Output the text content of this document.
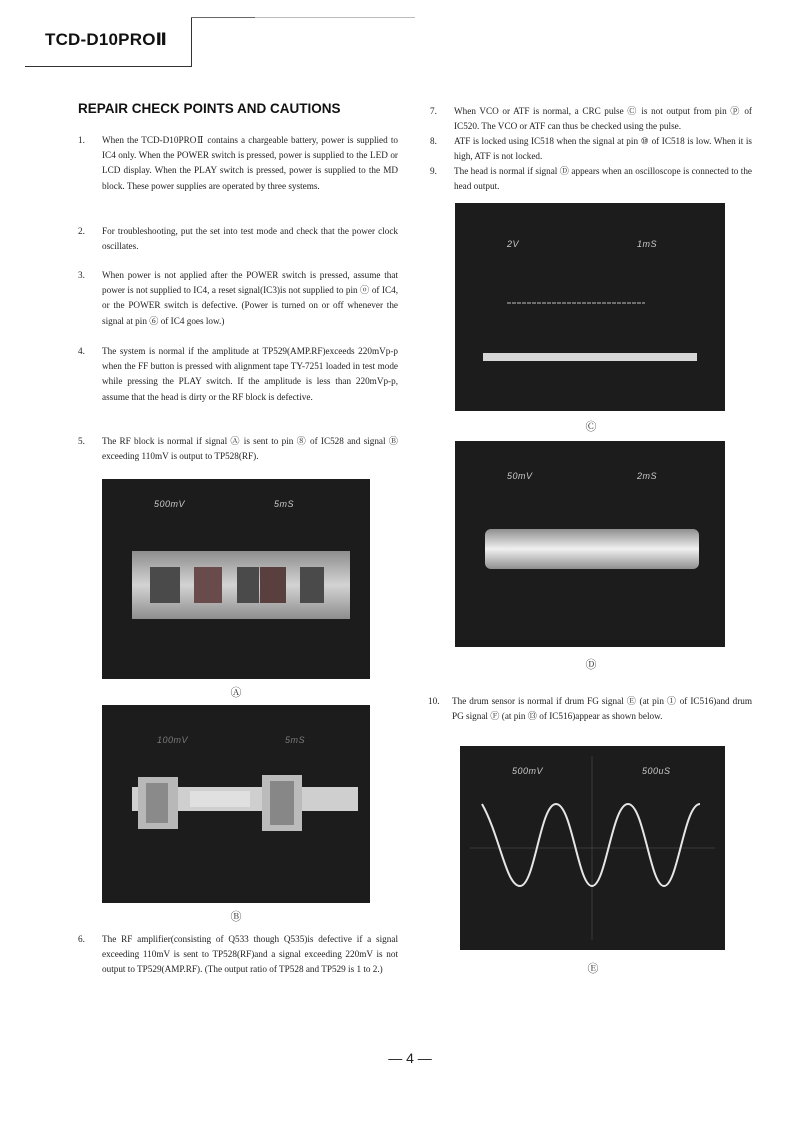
TCD-D10PROⅡ
REPAIR CHECK POINTS AND CAUTIONS
1. When the TCD-D10PROⅡ contains a chargeable battery, power is supplied to IC4 only. When the POWER switch is pressed, power is supplied to the LED or LCD display. When the PLAY switch is pressed, power is supplied to the MD block. These power supplies are operated by three systems.
2. For troubleshooting, put the set into test mode and check that the power clock oscillates.
3. When power is not applied after the POWER switch is pressed, assume that power is not supplied to IC4, a reset signal(IC3)is not supplied to pin ⓞ of IC4, or the POWER switch is defective. (Power is turned on or off whenever the signal at pin ⑥ of IC4 goes low.)
4. The system is normal if the amplitude at TP529(AMP.RF)exceeds 220mVp-p when the FF button is pressed with alignment tape TY-7251 loaded in test mode while pressing the PLAY switch. If the amplitude is less than 220mVp-p, assume that the head is dirty or the RF block is defective.
5. The RF block is normal if signal Ⓐ is sent to pin ⑧ of IC528 and signal Ⓑ exceeding 110mV is output to TP528(RF).
500mV	5mS
Ⓐ
100mV	5mS
Ⓑ
6. The RF amplifier(consisting of Q533 though Q535)is defective if a signal exceeding 110mV is sent to TP528(RF)and a signal exceeding 220mV is not output to TP529(AMP.RF). (The output ratio of TP528 and TP529 is 1 to 2.)
7. When VCO or ATF is normal, a CRC pulse Ⓒ is not output from pin ⓟ of IC520. The VCO or ATF can thus be checked using the pulse.
8. ATF is locked using IC518 when the signal at pin ⑩ of IC518 is low. When it is high, ATF is not locked.
9. The head is normal if signal Ⓓ appears when an oscilloscope is connected to the head output.
2V	1mS
Ⓒ
50mV	2mS
Ⓓ
10. The drum sensor is normal if drum FG signal Ⓔ (at pin ① of IC516)and drum PG signal Ⓕ (at pin ⑬ of IC516)appear as shown below.
500mV	500uS
Ⓔ
— 4 —
